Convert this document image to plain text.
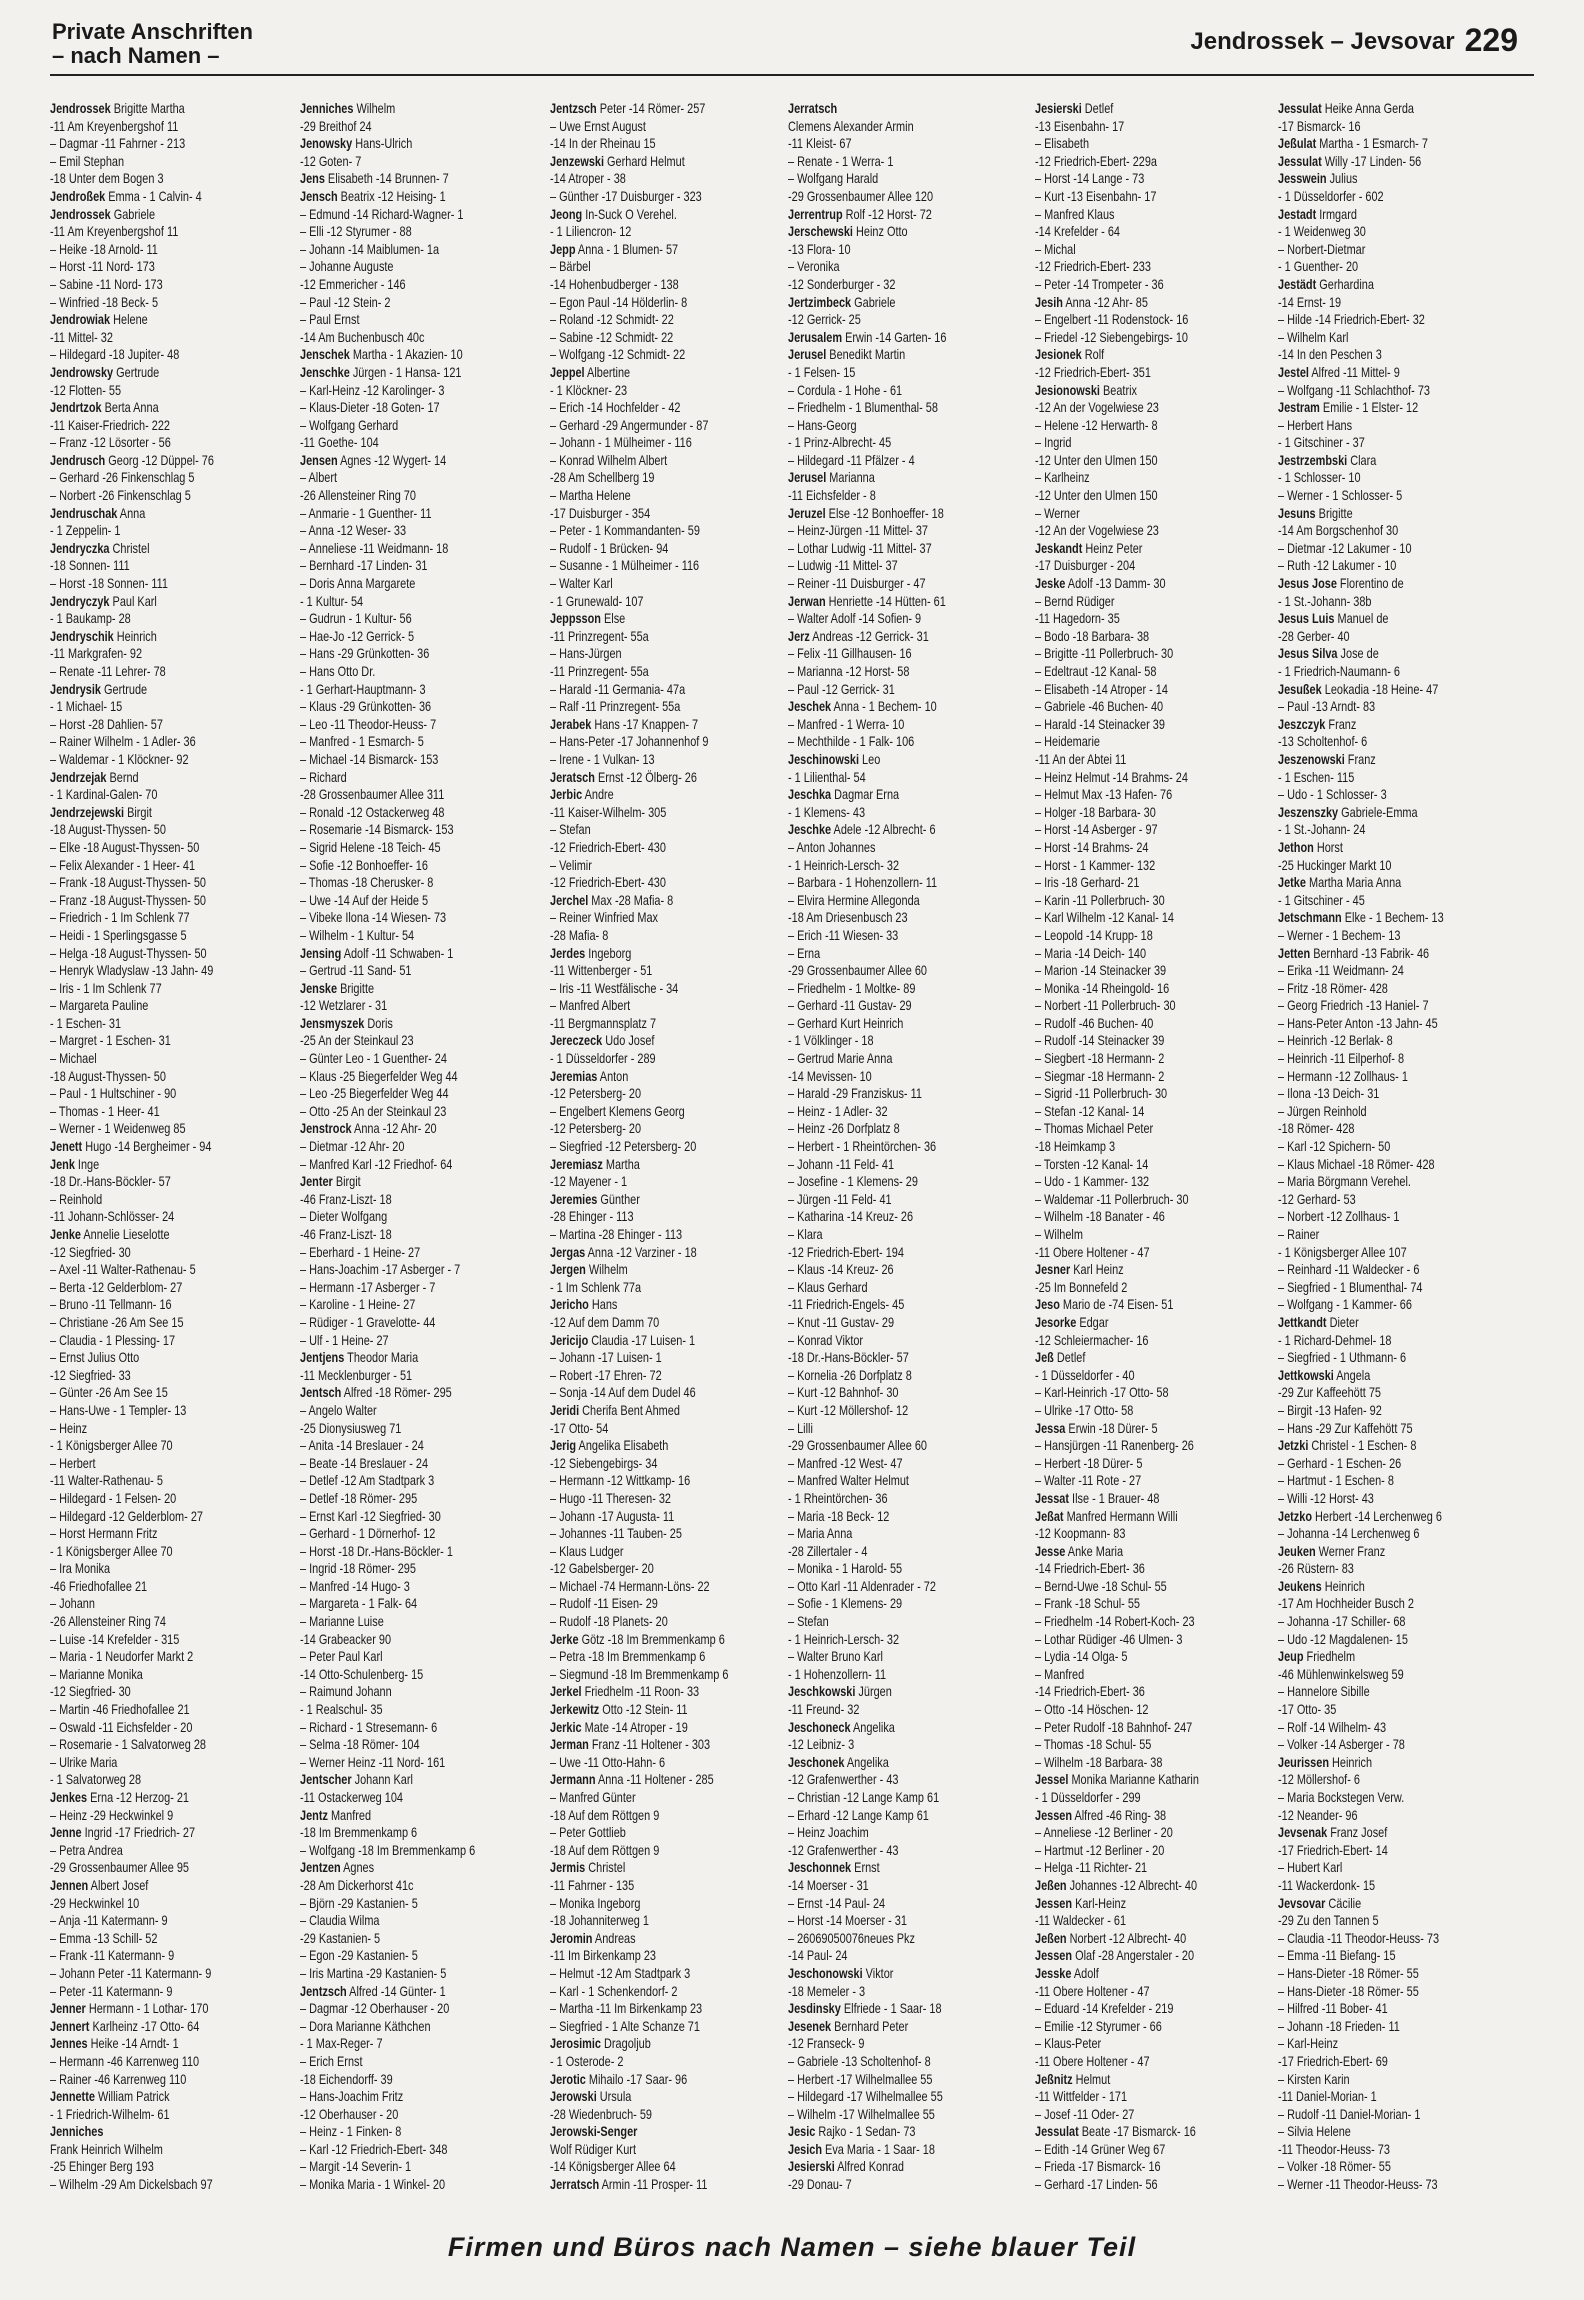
Private Anschriften
– nach Namen –
Jendrossek – Jevsovar 229
Jendrossek Brigitte Martha
-11 Am Kreyenbergshof 11
– Dagmar -11 Fahrner - 213
– Emil Stephan
-18 Unter dem Bogen 3
Jendroßek Emma - 1 Calvin- 4
Jendrossek Gabriele
-11 Am Kreyenbergshof 11
– Heike -18 Arnold- 11
– Horst -11 Nord- 173
– Sabine -11 Nord- 173
– Winfried -18 Beck- 5
Jendrowiak Helene
-11 Mittel- 32
– Hildegard -18 Jupiter- 48
Jendrowsky Gertrude
-12 Flotten- 55
Jendrtzok Berta Anna
-11 Kaiser-Friedrich- 222
– Franz -12 Lösorter - 56
Jendrusch Georg -12 Düppel- 76
– Gerhard -26 Finkenschlag 5
– Norbert -26 Finkenschlag 5
Jendruschak Anna
- 1 Zeppelin- 1
Jendryczka Christel
-18 Sonnen- 111
– Horst -18 Sonnen- 111
Jendryczyk Paul Karl
- 1 Baukamp- 28
Jendryschik Heinrich
-11 Markgrafen- 92
– Renate -11 Lehrer- 78
Jendrysik Gertrude
- 1 Michael- 15
– Horst -28 Dahlien- 57
– Rainer Wilhelm - 1 Adler- 36
– Waldemar - 1 Klöckner- 92
Jendrzejak Bernd
- 1 Kardinal-Galen- 70
Jendrzejewski Birgit
-18 August-Thyssen- 50
– Elke -18 August-Thyssen- 50
– Felix Alexander - 1 Heer- 41
– Frank -18 August-Thyssen- 50
– Franz -18 August-Thyssen- 50
– Friedrich - 1 Im Schlenk 77
– Heidi - 1 Sperlingsgasse 5
– Helga -18 August-Thyssen- 50
– Henryk Wladyslaw -13 Jahn- 49
– Iris - 1 Im Schlenk 77
– Margareta Pauline
- 1 Eschen- 31
– Margret - 1 Eschen- 31
– Michael
-18 August-Thyssen- 50
– Paul - 1 Hultschiner - 90
– Thomas - 1 Heer- 41
– Werner - 1 Weidenweg 85
Jenett Hugo -14 Bergheimer - 94
Jenk Inge
-18 Dr.-Hans-Böckler- 57
– Reinhold
-11 Johann-Schlösser- 24
Jenke Annelie Lieselotte
-12 Siegfried- 30
– Axel -11 Walter-Rathenau- 5
– Berta -12 Gelderblom- 27
– Bruno -11 Tellmann- 16
– Christiane -26 Am See 15
– Claudia - 1 Plessing- 17
– Ernst Julius Otto
-12 Siegfried- 33
– Günter -26 Am See 15
– Hans-Uwe - 1 Templer- 13
– Heinz
- 1 Königsberger Allee 70
– Herbert
-11 Walter-Rathenau- 5
– Hildegard - 1 Felsen- 20
– Hildegard -12 Gelderblom- 27
– Horst Hermann Fritz
- 1 Königsberger Allee 70
– Ira Monika
-46 Friedhofallee 21
– Johann
-26 Allensteiner Ring 74
– Luise -14 Krefelder - 315
– Maria - 1 Neudorfer Markt 2
– Marianne Monika
-12 Siegfried- 30
– Martin -46 Friedhofallee 21
– Oswald -11 Eichsfelder - 20
– Rosemarie - 1 Salvatorweg 28
– Ulrike Maria
- 1 Salvatorweg 28
Jenkes Erna -12 Herzog- 21
– Heinz -29 Heckwinkel 9
Jenne Ingrid -17 Friedrich- 27
– Petra Andrea
-29 Grossenbaumer Allee 95
Jennen Albert Josef
-29 Heckwinkel 10
– Anja -11 Katermann- 9
– Emma -13 Schill- 52
– Frank -11 Katermann- 9
– Johann Peter -11 Katermann- 9
– Peter -11 Katermann- 9
Jenner Hermann - 1 Lothar- 170
Jennert Karlheinz -17 Otto- 64
Jennes Heike -14 Arndt- 1
– Hermann -46 Karrenweg 110
– Rainer -46 Karrenweg 110
Jennette William Patrick
- 1 Friedrich-Wilhelm- 61
Jenniches
Frank Heinrich Wilhelm
-25 Ehinger Berg 193
– Wilhelm -29 Am Dickelsbach 97
Jenniches Wilhelm
-29 Breithof 24
Jenowsky Hans-Ulrich
-12 Goten- 7
Jens Elisabeth -14 Brunnen- 7
Jensch Beatrix -12 Heising- 1
– Edmund -14 Richard-Wagner- 1
– Elli -12 Styrumer - 88
– Johann -14 Maiblumen- 1a
– Johanne Auguste
-12 Emmericher - 146
– Paul -12 Stein- 2
– Paul Ernst
-14 Am Buchenbusch 40c
Jenschek Martha - 1 Akazien- 10
Jenschke Jürgen - 1 Hansa- 121
– Karl-Heinz -12 Karolinger- 3
– Klaus-Dieter -18 Goten- 17
– Wolfgang Gerhard
-11 Goethe- 104
Jensen Agnes -12 Wygert- 14
– Albert
-26 Allensteiner Ring 70
– Anmarie - 1 Guenther- 11
– Anna -12 Weser- 33
– Anneliese -11 Weidmann- 18
– Bernhard -17 Linden- 31
– Doris Anna Margarete
- 1 Kultur- 54
– Gudrun - 1 Kultur- 56
– Hae-Jo -12 Gerrick- 5
– Hans -29 Grünkotten- 36
– Hans Otto Dr.
- 1 Gerhart-Hauptmann- 3
– Klaus -29 Grünkotten- 36
– Leo -11 Theodor-Heuss- 7
– Manfred - 1 Esmarch- 5
– Michael -14 Bismarck- 153
– Richard
-28 Grossenbaumer Allee 311
– Ronald -12 Ostackerweg 48
– Rosemarie -14 Bismarck- 153
– Sigrid Helene -18 Teich- 45
– Sofie -12 Bonhoeffer- 16
– Thomas -18 Cherusker- 8
– Uwe -14 Auf der Heide 5
– Vibeke Ilona -14 Wiesen- 73
– Wilhelm - 1 Kultur- 54
Jensing Adolf -11 Schwaben- 1
– Gertrud -11 Sand- 51
Jenske Brigitte
-12 Wetzlarer - 31
Jensmyszek Doris
-25 An der Steinkaul 23
– Günter Leo - 1 Guenther- 24
– Klaus -25 Biegerfelder Weg 44
– Leo -25 Biegerfelder Weg 44
– Otto -25 An der Steinkaul 23
Jenstrock Anna -12 Ahr- 20
– Dietmar -12 Ahr- 20
– Manfred Karl -12 Friedhof- 64
Jenter Birgit
-46 Franz-Liszt- 18
– Dieter Wolfgang
-46 Franz-Liszt- 18
– Eberhard - 1 Heine- 27
– Hans-Joachim -17 Asberger - 7
– Hermann -17 Asberger - 7
– Karoline - 1 Heine- 27
– Rüdiger - 1 Gravelotte- 44
– Ulf - 1 Heine- 27
Jentjens Theodor Maria
-11 Mecklenburger - 51
Jentsch Alfred -18 Römer- 295
– Angelo Walter
-25 Dionysiusweg 71
– Anita -14 Breslauer - 24
– Beate -14 Breslauer - 24
– Detlef -12 Am Stadtpark 3
– Detlef -18 Römer- 295
– Ernst Karl -12 Siegfried- 30
– Gerhard - 1 Dörnerhof- 12
– Horst -18 Dr.-Hans-Böckler- 1
– Ingrid -18 Römer- 295
– Manfred -14 Hugo- 3
– Margareta - 1 Falk- 64
– Marianne Luise
-14 Grabeacker 90
– Peter Paul Karl
-14 Otto-Schulenberg- 15
– Raimund Johann
- 1 Realschul- 35
– Richard - 1 Stresemann- 6
– Selma -18 Römer- 104
– Werner Heinz -11 Nord- 161
Jentscher Johann Karl
-11 Ostackerweg 104
Jentz Manfred
-18 Im Bremmenkamp 6
– Wolfgang -18 Im Bremmenkamp 6
Jentzen Agnes
-28 Am Dickerhorst 41c
– Björn -29 Kastanien- 5
– Claudia Wilma
-29 Kastanien- 5
– Egon -29 Kastanien- 5
– Iris Martina -29 Kastanien- 5
Jentzsch Alfred -14 Günter- 1
– Dagmar -12 Oberhauser - 20
– Dora Marianne Käthchen
- 1 Max-Reger- 7
– Erich Ernst
-18 Eichendorff- 39
– Hans-Joachim Fritz
-12 Oberhauser - 20
– Heinz - 1 Finken- 8
– Karl -12 Friedrich-Ebert- 348
– Margit -14 Severin- 1
– Monika Maria - 1 Winkel- 20
Jentzsch Peter -14 Römer- 257
– Uwe Ernst August
-14 In der Rheinau 15
Jenzewski Gerhard Helmut
-14 Atroper - 38
– Günther -17 Duisburger - 323
Jeong In-Suck O Verehel.
- 1 Liliencron- 12
Jepp Anna - 1 Blumen- 57
– Bärbel
-14 Hohenbudberger - 138
– Egon Paul -14 Hölderlin- 8
– Roland -12 Schmidt- 22
– Sabine -12 Schmidt- 22
– Wolfgang -12 Schmidt- 22
Jeppel Albertine
- 1 Klöckner- 23
– Erich -14 Hochfelder - 42
– Gerhard -29 Angermunder - 87
– Johann - 1 Mülheimer - 116
– Konrad Wilhelm Albert
-28 Am Schellberg 19
– Martha Helene
-17 Duisburger - 354
– Peter - 1 Kommandanten- 59
– Rudolf - 1 Brücken- 94
– Susanne - 1 Mülheimer - 116
– Walter Karl
- 1 Grunewald- 107
Jeppsson Else
-11 Prinzregent- 55a
– Hans-Jürgen
-11 Prinzregent- 55a
– Harald -11 Germania- 47a
– Ralf -11 Prinzregent- 55a
Jerabek Hans -17 Knappen- 7
– Hans-Peter -17 Johannenhof 9
– Irene - 1 Vulkan- 13
Jeratsch Ernst -12 Ölberg- 26
Jerbic Andre
-11 Kaiser-Wilhelm- 305
– Stefan
-12 Friedrich-Ebert- 430
– Velimir
-12 Friedrich-Ebert- 430
Jerchel Max -28 Mafia- 8
– Reiner Winfried Max
-28 Mafia- 8
Jerdes Ingeborg
-11 Wittenberger - 51
– Iris -11 Westfälische - 34
– Manfred Albert
-11 Bergmannsplatz 7
Jereczeck Udo Josef
- 1 Düsseldorfer - 289
Jeremias Anton
-12 Petersberg- 20
– Engelbert Klemens Georg
-12 Petersberg- 20
– Siegfried -12 Petersberg- 20
Jeremiasz Martha
-12 Mayener - 1
Jeremies Günther
-28 Ehinger - 113
– Martina -28 Ehinger - 113
Jergas Anna -12 Varziner - 18
Jergen Wilhelm
- 1 Im Schlenk 77a
Jericho Hans
-12 Auf dem Damm 70
Jericijo Claudia -17 Luisen- 1
– Johann -17 Luisen- 1
– Robert -17 Ehren- 72
– Sonja -14 Auf dem Dudel 46
Jeridi Cherifa Bent Ahmed
-17 Otto- 54
Jerig Angelika Elisabeth
-12 Siebengebirgs- 34
– Hermann -12 Wittkamp- 16
– Hugo -11 Theresen- 32
– Johann -17 Augusta- 11
– Johannes -11 Tauben- 25
– Klaus Ludger
-12 Gabelsberger- 20
– Michael -74 Hermann-Löns- 22
– Rudolf -11 Eisen- 29
– Rudolf -18 Planets- 20
Jerke Götz -18 Im Bremmenkamp 6
– Petra -18 Im Bremmenkamp 6
– Siegmund -18 Im Bremmenkamp 6
Jerkel Friedhelm -11 Roon- 33
Jerkewitz Otto -12 Stein- 11
Jerkic Mate -14 Atroper - 19
Jerman Franz -11 Holtener - 303
– Uwe -11 Otto-Hahn- 6
Jermann Anna -11 Holtener - 285
– Manfred Günter
-18 Auf dem Röttgen 9
– Peter Gottlieb
-18 Auf dem Röttgen 9
Jermis Christel
-11 Fahrner - 135
– Monika Ingeborg
-18 Johanniterweg 1
Jeromin Andreas
-11 Im Birkenkamp 23
– Helmut -12 Am Stadtpark 3
– Karl - 1 Schenkendorf- 2
– Martha -11 Im Birkenkamp 23
– Siegfried - 1 Alte Schanze 71
Jerosimic Dragoljub
- 1 Osterode- 2
Jerotic Mihailo -17 Saar- 96
Jerowski Ursula
-28 Wiedenbruch- 59
Jerowski-Senger
Wolf Rüdiger Kurt
-14 Königsberger Allee 64
Jerratsch Armin -11 Prosper- 11
Jerratsch
Clemens Alexander Armin
-11 Kleist- 67
– Renate - 1 Werra- 1
– Wolfgang Harald
-29 Grossenbaumer Allee 120
Jerrentrup Rolf -12 Horst- 72
Jerschewski Heinz Otto
-13 Flora- 10
– Veronika
-12 Sonderburger - 32
Jertzimbeck Gabriele
-12 Gerrick- 25
Jerusalem Erwin -14 Garten- 16
Jerusel Benedikt Martin
- 1 Felsen- 15
– Cordula - 1 Hohe - 61
– Friedhelm - 1 Blumenthal- 58
– Hans-Georg
- 1 Prinz-Albrecht- 45
– Hildegard -11 Pfälzer - 4
Jerusel Marianna
-11 Eichsfelder - 8
Jeruzel Else -12 Bonhoeffer- 18
– Heinz-Jürgen -11 Mittel- 37
– Lothar Ludwig -11 Mittel- 37
– Ludwig -11 Mittel- 37
– Reiner -11 Duisburger - 47
Jerwan Henriette -14 Hütten- 61
– Walter Adolf -14 Sofien- 9
Jerz Andreas -12 Gerrick- 31
– Felix -11 Gillhausen- 16
– Marianna -12 Horst- 58
– Paul -12 Gerrick- 31
Jeschek Anna - 1 Bechem- 10
– Manfred - 1 Werra- 10
– Mechthilde - 1 Falk- 106
Jeschinowski Leo
- 1 Lilienthal- 54
Jeschka Dagmar Erna
- 1 Klemens- 43
Jeschke Adele -12 Albrecht- 6
– Anton Johannes
- 1 Heinrich-Lersch- 32
– Barbara - 1 Hohenzollern- 11
– Elvira Hermine Allegonda
-18 Am Driesenbusch 23
– Erich -11 Wiesen- 33
– Erna
-29 Grossenbaumer Allee 60
– Friedhelm - 1 Moltke- 89
– Gerhard -11 Gustav- 29
– Gerhard Kurt Heinrich
- 1 Völklinger - 18
– Gertrud Marie Anna
-14 Mevissen- 10
– Harald -29 Franziskus- 11
– Heinz - 1 Adler- 32
– Heinz -26 Dorfplatz 8
– Herbert - 1 Rheintörchen- 36
– Johann -11 Feld- 41
– Josefine - 1 Klemens- 29
– Jürgen -11 Feld- 41
– Katharina -14 Kreuz- 26
– Klara
-12 Friedrich-Ebert- 194
– Klaus -14 Kreuz- 26
– Klaus Gerhard
-11 Friedrich-Engels- 45
– Knut -11 Gustav- 29
– Konrad Viktor
-18 Dr.-Hans-Böckler- 57
– Kornelia -26 Dorfplatz 8
– Kurt -12 Bahnhof- 30
– Kurt -12 Möllershof- 12
– Lilli
-29 Grossenbaumer Allee 60
– Manfred -12 West- 47
– Manfred Walter Helmut
- 1 Rheintörchen- 36
– Maria -18 Beck- 12
– Maria Anna
-28 Zillertaler - 4
– Monika - 1 Harold- 55
– Otto Karl -11 Aldenrader - 72
– Sofie - 1 Klemens- 29
– Stefan
- 1 Heinrich-Lersch- 32
– Walter Bruno Karl
- 1 Hohenzollern- 11
Jeschkowski Jürgen
-11 Freund- 32
Jeschoneck Angelika
-12 Leibniz- 3
Jeschonek Angelika
-12 Grafenwerther - 43
– Christian -12 Lange Kamp 61
– Erhard -12 Lange Kamp 61
– Heinz Joachim
-12 Grafenwerther - 43
Jeschonnek Ernst
-14 Moerser - 31
– Ernst -14 Paul- 24
– Horst -14 Moerser - 31
– 26069050076neues Pkz
-14 Paul- 24
Jeschonowski Viktor
-18 Memeler - 3
Jesdinsky Elfriede - 1 Saar- 18
Jesenek Bernhard Peter
-12 Franseck- 9
– Gabriele -13 Scholtenhof- 8
– Herbert -17 Wilhelmallee 55
– Hildegard -17 Wilhelmallee 55
– Wilhelm -17 Wilhelmallee 55
Jesic Rajko - 1 Sedan- 73
Jesich Eva Maria - 1 Saar- 18
Jesierski Alfred Konrad
-29 Donau- 7
Jesierski Detlef
-13 Eisenbahn- 17
– Elisabeth
-12 Friedrich-Ebert- 229a
– Horst -14 Lange - 73
– Kurt -13 Eisenbahn- 17
– Manfred Klaus
-14 Krefelder - 64
– Michal
-12 Friedrich-Ebert- 233
– Peter -14 Trompeter - 36
Jesih Anna -12 Ahr- 85
– Engelbert -11 Rodenstock- 16
– Friedel -12 Siebengebirgs- 10
Jesionek Rolf
-12 Friedrich-Ebert- 351
Jesionowski Beatrix
-12 An der Vogelwiese 23
– Helene -12 Herwarth- 8
– Ingrid
-12 Unter den Ulmen 150
– Karlheinz
-12 Unter den Ulmen 150
– Werner
-12 An der Vogelwiese 23
Jeskandt Heinz Peter
-17 Duisburger - 204
Jeske Adolf -13 Damm- 30
– Bernd Rüdiger
-11 Hagedorn- 35
– Bodo -18 Barbara- 38
– Brigitte -11 Pollerbruch- 30
– Edeltraut -12 Kanal- 58
– Elisabeth -14 Atroper - 14
– Gabriele -46 Buchen- 40
– Harald -14 Steinacker 39
– Heidemarie
-11 An der Abtei 11
– Heinz Helmut -14 Brahms- 24
– Helmut Max -13 Hafen- 76
– Holger -18 Barbara- 30
– Horst -14 Asberger - 97
– Horst -14 Brahms- 24
– Horst - 1 Kammer- 132
– Iris -18 Gerhard- 21
– Karin -11 Pollerbruch- 30
– Karl Wilhelm -12 Kanal- 14
– Leopold -14 Krupp- 18
– Maria -14 Deich- 140
– Marion -14 Steinacker 39
– Monika -14 Rheingold- 16
– Norbert -11 Pollerbruch- 30
– Rudolf -46 Buchen- 40
– Rudolf -14 Steinacker 39
– Siegbert -18 Hermann- 2
– Siegmar -18 Hermann- 2
– Sigrid -11 Pollerbruch- 30
– Stefan -12 Kanal- 14
– Thomas Michael Peter
-18 Heimkamp 3
– Torsten -12 Kanal- 14
– Udo - 1 Kammer- 132
– Waldemar -11 Pollerbruch- 30
– Wilhelm -18 Banater - 46
– Wilhelm
-11 Obere Holtener - 47
Jesner Karl Heinz
-25 Im Bonnefeld 2
Jeso Mario de -74 Eisen- 51
Jesorke Edgar
-12 Schleiermacher- 16
Jeß Detlef
- 1 Düsseldorfer - 40
– Karl-Heinrich -17 Otto- 58
– Ulrike -17 Otto- 58
Jessa Erwin -18 Dürer- 5
– Hansjürgen -11 Ranenberg- 26
– Herbert -18 Dürer- 5
– Walter -11 Rote - 27
Jessat Ilse - 1 Brauer- 48
Jeßat Manfred Hermann Willi
-12 Koopmann- 83
Jesse Anke Maria
-14 Friedrich-Ebert- 36
– Bernd-Uwe -18 Schul- 55
– Frank -18 Schul- 55
– Friedhelm -14 Robert-Koch- 23
– Lothar Rüdiger -46 Ulmen- 3
– Lydia -14 Olga- 5
– Manfred
-14 Friedrich-Ebert- 36
– Otto -14 Höschen- 12
– Peter Rudolf -18 Bahnhof- 247
– Thomas -18 Schul- 55
– Wilhelm -18 Barbara- 38
Jessel Monika Marianne Katharin
- 1 Düsseldorfer - 299
Jessen Alfred -46 Ring- 38
– Anneliese -12 Berliner - 20
– Hartmut -12 Berliner - 20
– Helga -11 Richter- 21
Jeßen Johannes -12 Albrecht- 40
Jessen Karl-Heinz
-11 Waldecker - 61
Jeßen Norbert -12 Albrecht- 40
Jessen Olaf -28 Angerstaler - 20
Jesske Adolf
-11 Obere Holtener - 47
– Eduard -14 Krefelder - 219
– Emilie -12 Styrumer - 66
– Klaus-Peter
-11 Obere Holtener - 47
Jeßnitz Helmut
-11 Wittfelder - 171
– Josef -11 Oder- 27
Jessulat Beate -17 Bismarck- 16
– Edith -14 Grüner Weg 67
– Frieda -17 Bismarck- 16
– Gerhard -17 Linden- 56
Jessulat Heike Anna Gerda
-17 Bismarck- 16
Jeßulat Martha - 1 Esmarch- 7
Jessulat Willy -17 Linden- 56
Jesswein Julius
- 1 Düsseldorfer - 602
Jestadt Irmgard
- 1 Weidenweg 30
– Norbert-Dietmar
- 1 Guenther- 20
Jestädt Gerhardina
-14 Ernst- 19
– Hilde -14 Friedrich-Ebert- 32
– Wilhelm Karl
-14 In den Peschen 3
Jestel Alfred -11 Mittel- 9
– Wolfgang -11 Schlachthof- 73
Jestram Emilie - 1 Elster- 12
– Herbert Hans
- 1 Gitschiner - 37
Jestrzembski Clara
- 1 Schlosser- 10
– Werner - 1 Schlosser- 5
Jesuns Brigitte
-14 Am Borgschenhof 30
– Dietmar -12 Lakumer - 10
– Ruth -12 Lakumer - 10
Jesus Jose Florentino de
- 1 St.-Johann- 38b
Jesus Luis Manuel de
-28 Gerber- 40
Jesus Silva Jose de
- 1 Friedrich-Naumann- 6
Jesußek Leokadia -18 Heine- 47
– Paul -13 Arndt- 83
Jeszczyk Franz
-13 Scholtenhof- 6
Jeszenowski Franz
- 1 Eschen- 115
– Udo - 1 Schlosser- 3
Jeszenszky Gabriele-Emma
- 1 St.-Johann- 24
Jethon Horst
-25 Huckinger Markt 10
Jetke Martha Maria Anna
- 1 Gitschiner - 45
Jetschmann Elke - 1 Bechem- 13
– Werner - 1 Bechem- 13
Jetten Bernhard -13 Fabrik- 46
– Erika -11 Weidmann- 24
– Fritz -18 Römer- 428
– Georg Friedrich -13 Haniel- 7
– Hans-Peter Anton -13 Jahn- 45
– Heinrich -12 Berlak- 8
– Heinrich -11 Eilperhof- 8
– Hermann -12 Zollhaus- 1
– Ilona -13 Deich- 31
– Jürgen Reinhold
-18 Römer- 428
– Karl -12 Spichern- 50
– Klaus Michael -18 Römer- 428
– Maria Börgmann Verehel.
-12 Gerhard- 53
– Norbert -12 Zollhaus- 1
– Rainer
- 1 Königsberger Allee 107
– Reinhard -11 Waldecker - 6
– Siegfried - 1 Blumenthal- 74
– Wolfgang - 1 Kammer- 66
Jettkandt Dieter
- 1 Richard-Dehmel- 18
– Siegfried - 1 Uthmann- 6
Jettkowski Angela
-29 Zur Kaffeehött 75
– Birgit -13 Hafen- 92
– Hans -29 Zur Kaffehött 75
Jetzki Christel - 1 Eschen- 8
– Gerhard - 1 Eschen- 26
– Hartmut - 1 Eschen- 8
– Willi -12 Horst- 43
Jetzko Herbert -14 Lerchenweg 6
– Johanna -14 Lerchenweg 6
Jeuken Werner Franz
-26 Rüstern- 83
Jeukens Heinrich
-17 Am Hochheider Busch 2
– Johanna -17 Schiller- 68
– Udo -12 Magdalenen- 15
Jeup Friedhelm
-46 Mühlenwinkelsweg 59
– Hannelore Sibille
-17 Otto- 35
– Rolf -14 Wilhelm- 43
– Volker -14 Asberger - 78
Jeurissen Heinrich
-12 Möllershof- 6
– Maria Bockstegen Verw.
-12 Neander- 96
Jevsenak Franz Josef
-17 Friedrich-Ebert- 14
– Hubert Karl
-11 Wackerdonk- 15
Jevsovar Cäcilie
-29 Zu den Tannen 5
– Claudia -11 Theodor-Heuss- 73
– Emma -11 Biefang- 15
– Hans-Dieter -18 Römer- 55
– Hans-Dieter -18 Römer- 55
– Hilfred -11 Bober- 41
– Johann -18 Frieden- 11
– Karl-Heinz
-17 Friedrich-Ebert- 69
– Kirsten Karin
-11 Daniel-Morian- 1
– Rudolf -11 Daniel-Morian- 1
– Silvia Helene
-11 Theodor-Heuss- 73
– Volker -18 Römer- 55
– Werner -11 Theodor-Heuss- 73
Firmen und Büros nach Namen – siehe blauer Teil
